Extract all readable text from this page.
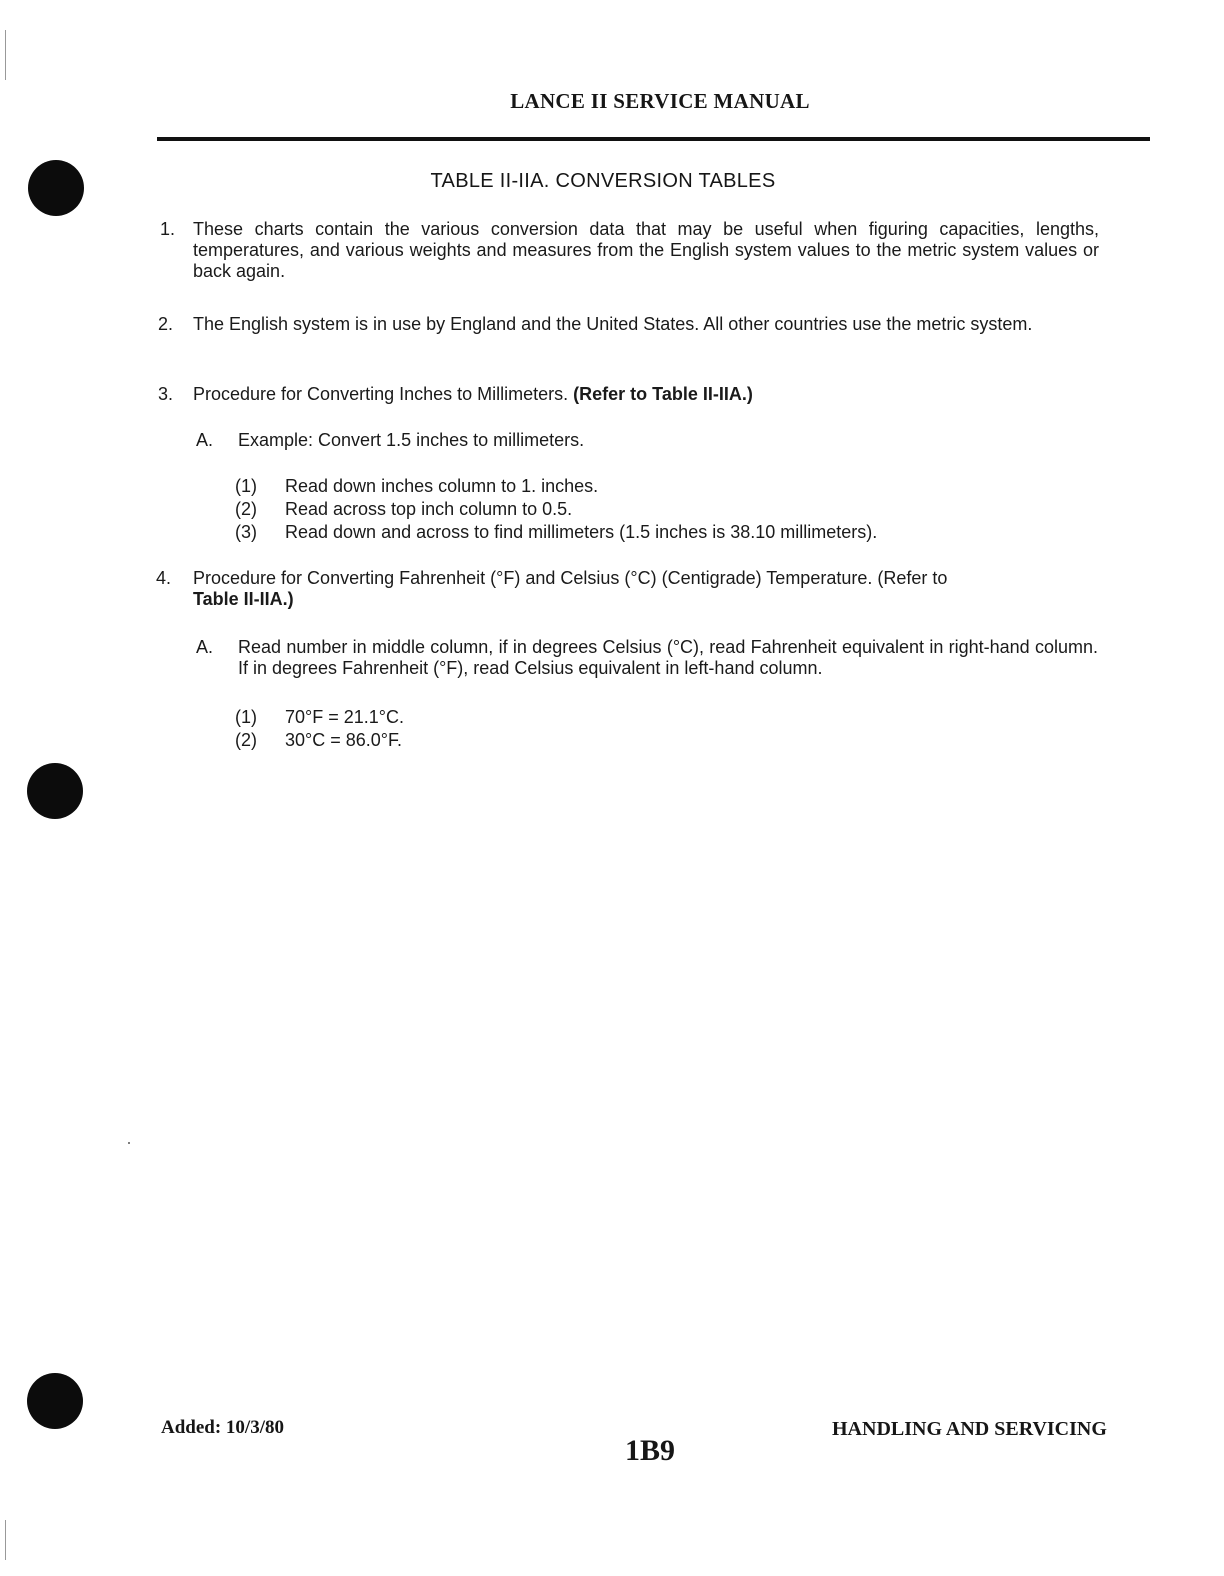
LANCE II SERVICE MANUAL
TABLE II-IIA. CONVERSION TABLES
1. These charts contain the various conversion data that may be useful when figuring capacities, lengths, temperatures, and various weights and measures from the English system values to the metric system values or back again.
2. The English system is in use by England and the United States. All other countries use the metric system.
3. Procedure for Converting Inches to Millimeters. (Refer to Table II-IIA.)
A. Example: Convert 1.5 inches to millimeters.
(1) Read down inches column to 1. inches.
(2) Read across top inch column to 0.5.
(3) Read down and across to find millimeters (1.5 inches is 38.10 millimeters).
4. Procedure for Converting Fahrenheit (°F) and Celsius (°C) (Centigrade) Temperature. (Refer to
Table II-IIA.)
A. Read number in middle column, if in degrees Celsius (°C), read Fahrenheit equivalent in right-hand column. If in degrees Fahrenheit (°F), read Celsius equivalent in left-hand column.
(1) 70°F = 21.1°C.
(2) 30°C = 86.0°F.
Added: 10/3/80
1B9
HANDLING AND SERVICING
